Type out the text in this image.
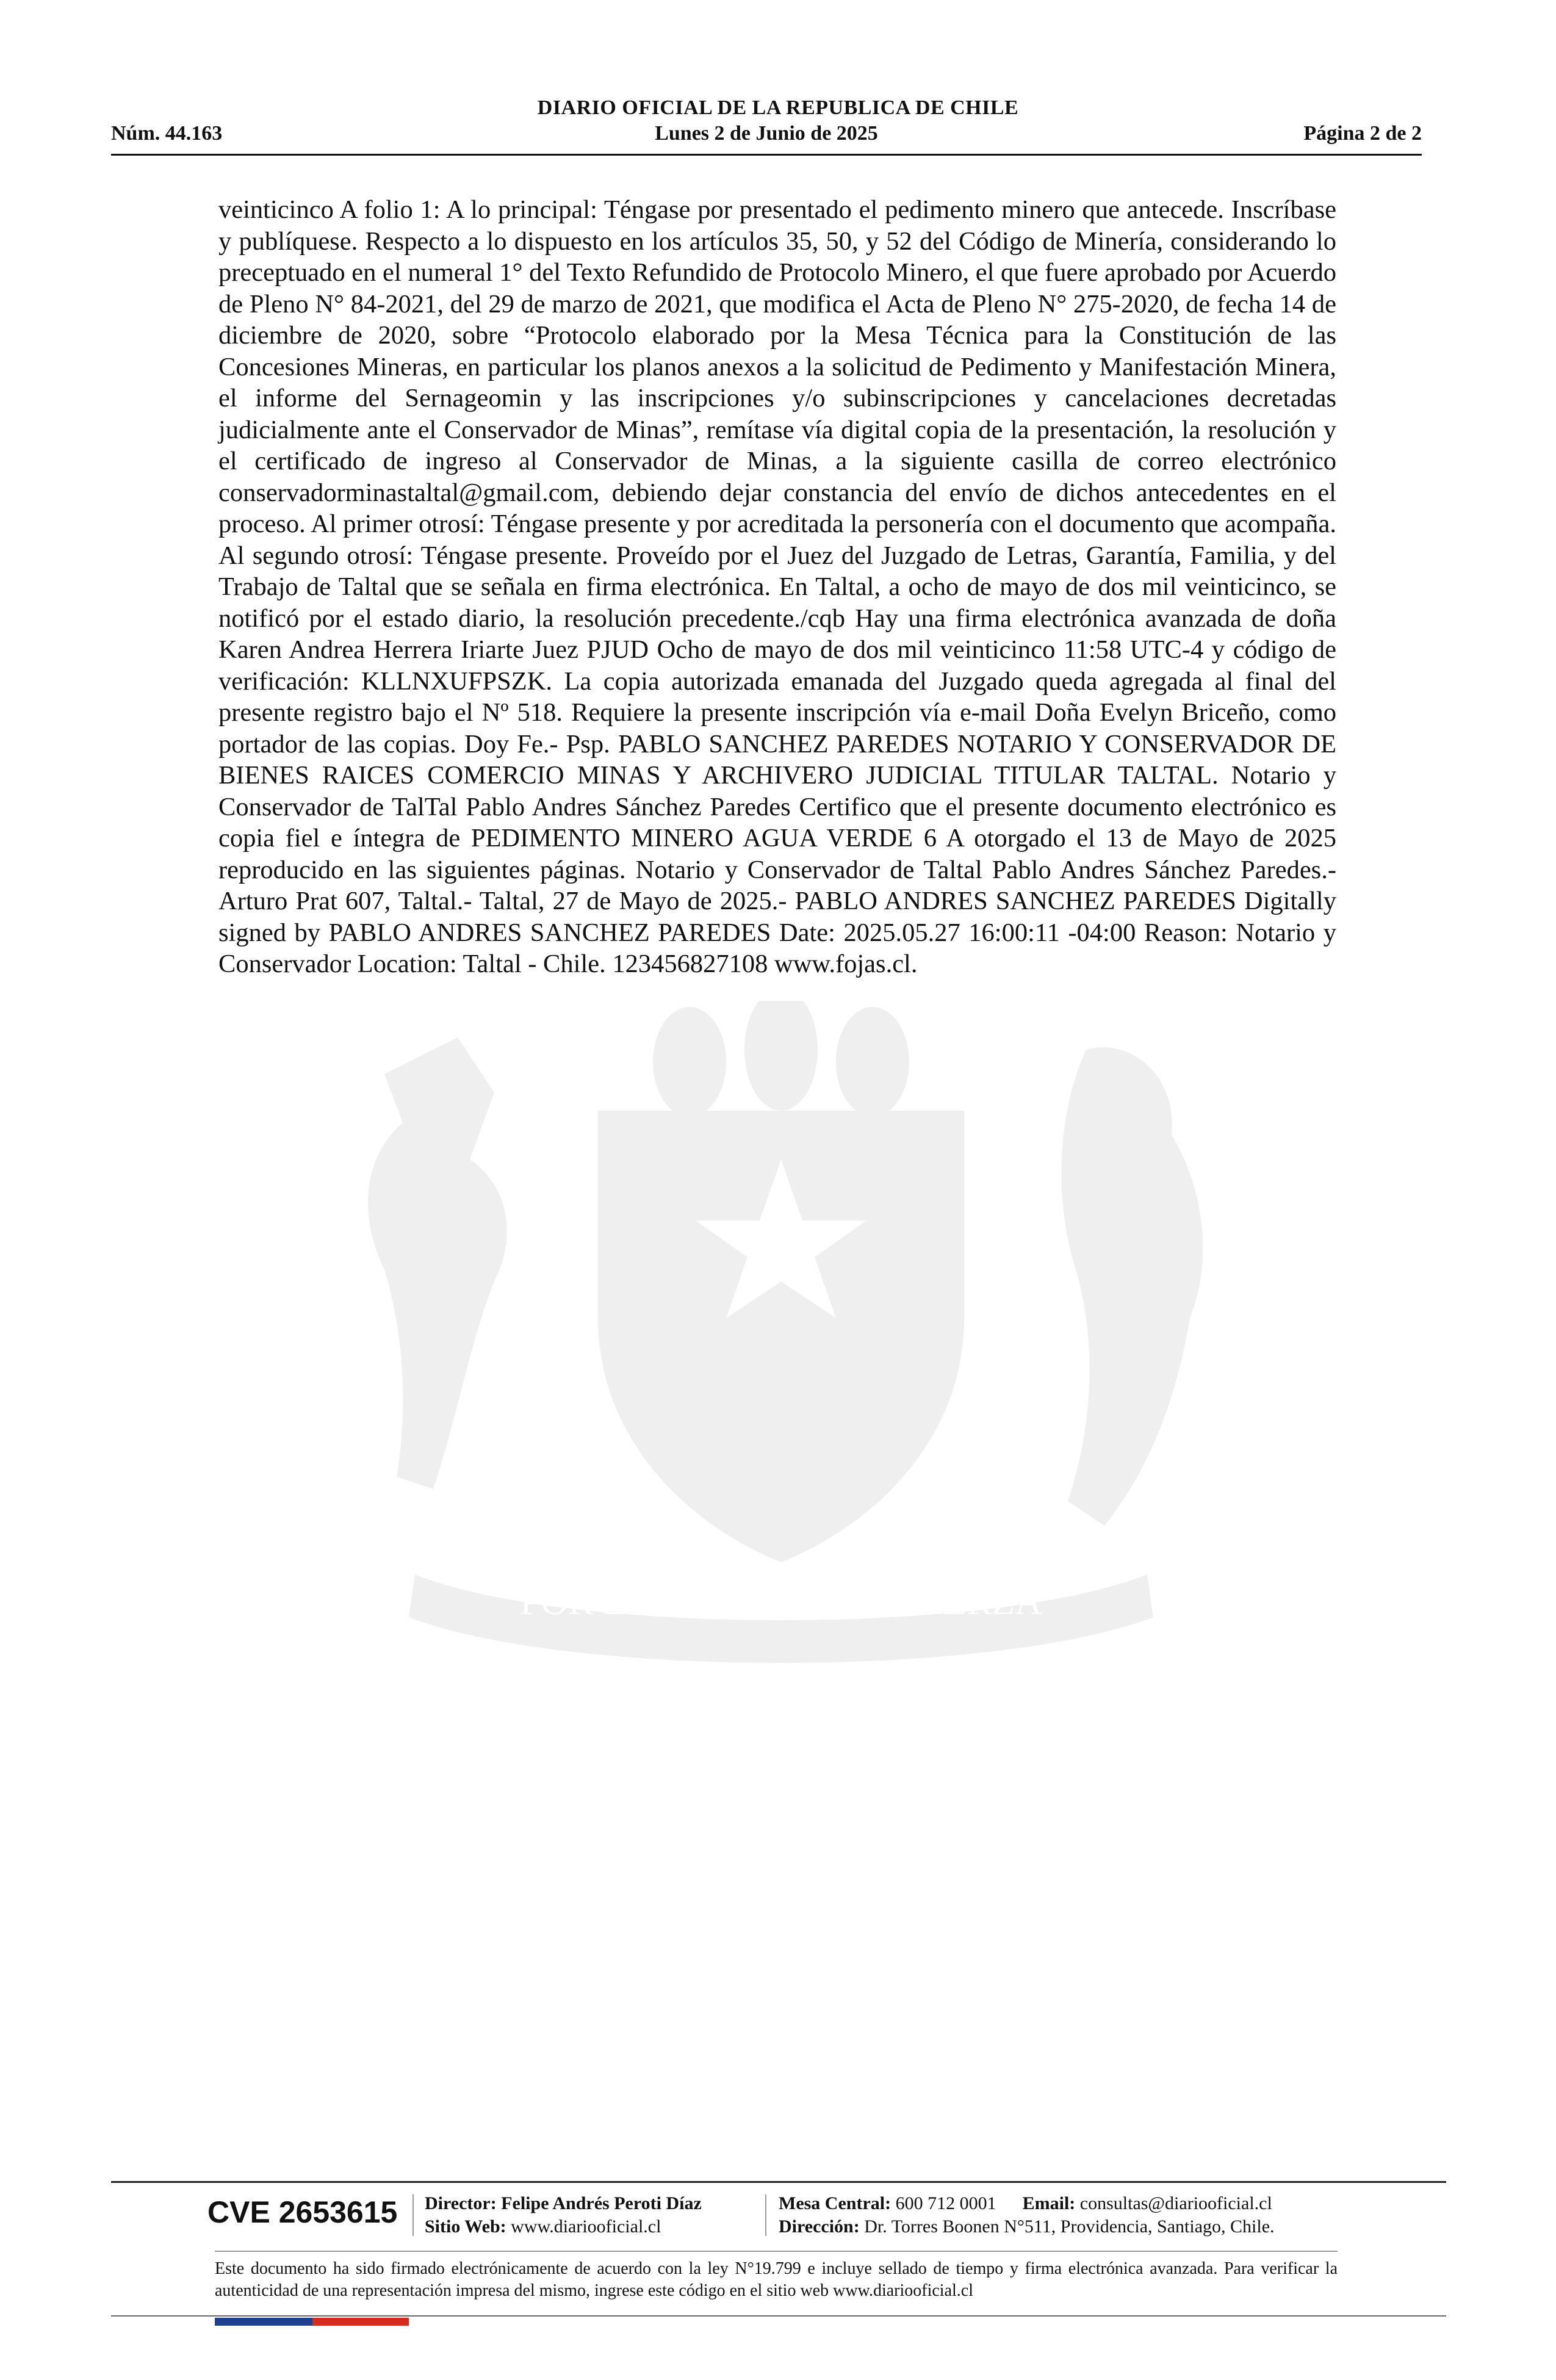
DIARIO OFICIAL DE LA REPUBLICA DE CHILE
Núm. 44.163	Lunes 2 de Junio de 2025	Página 2 de 2
POR LA RAZON O LA FUERZA
veinticinco A folio 1: A lo principal: Téngase por presentado el pedimento minero que antecede. Inscríbase y publíquese. Respecto a lo dispuesto en los artículos 35, 50, y 52 del Código de Minería, considerando lo preceptuado en el numeral 1° del Texto Refundido de Protocolo Minero, el que fuere aprobado por Acuerdo de Pleno N° 84-2021, del 29 de marzo de 2021, que modifica el Acta de Pleno N° 275-2020, de fecha 14 de diciembre de 2020, sobre “Protocolo elaborado por la Mesa Técnica para la Constitución de las Concesiones Mineras, en particular los planos anexos a la solicitud de Pedimento y Manifestación Minera, el informe del Sernageomin y las inscripciones y/o subinscripciones y cancelaciones decretadas judicialmente ante el Conservador de Minas”, remítase vía digital copia de la presentación, la resolución y el certificado de ingreso al Conservador de Minas, a la siguiente casilla de correo electrónico conservadorminastaltal@gmail.com, debiendo dejar constancia del envío de dichos antecedentes en el proceso. Al primer otrosí: Téngase presente y por acreditada la personería con el documento que acompaña. Al segundo otrosí: Téngase presente. Proveído por el Juez del Juzgado de Letras, Garantía, Familia, y del Trabajo de Taltal que se señala en firma electrónica. En Taltal, a ocho de mayo de dos mil veinticinco, se notificó por el estado diario, la resolución precedente./cqb Hay una firma electrónica avanzada de doña Karen Andrea Herrera Iriarte Juez PJUD Ocho de mayo de dos mil veinticinco 11:58 UTC-4 y código de verificación: KLLNXUFPSZK. La copia autorizada emanada del Juzgado queda agregada al final del presente registro bajo el Nº 518. Requiere la presente inscripción vía e-mail Doña Evelyn Briceño, como portador de las copias. Doy Fe.- Psp. PABLO SANCHEZ PAREDES NOTARIO Y CONSERVADOR DE BIENES RAICES COMERCIO MINAS Y ARCHIVERO JUDICIAL TITULAR TALTAL. Notario y Conservador de TalTal Pablo Andres Sánchez Paredes Certifico que el presente documento electrónico es copia fiel e íntegra de PEDIMENTO MINERO AGUA VERDE 6 A otorgado el 13 de Mayo de 2025 reproducido en las siguientes páginas. Notario y Conservador de Taltal Pablo Andres Sánchez Paredes.- Arturo Prat 607, Taltal.- Taltal, 27 de Mayo de 2025.- PABLO ANDRES SANCHEZ PAREDES Digitally signed by PABLO ANDRES SANCHEZ PAREDES Date: 2025.05.27 16:00:11 -04:00 Reason: Notario y Conservador Location: Taltal - Chile. 123456827108 www.fojas.cl.
CVE 2653615 Director: Felipe Andrés Peroti Díaz
Sitio Web: www.diariooficial.cl
Mesa Central: 600 712 0001 Email: consultas@diariooficial.cl
Dirección: Dr. Torres Boonen N°511, Providencia, Santiago, Chile.
Este documento ha sido firmado electrónicamente de acuerdo con la ley N°19.799 e incluye sellado de tiempo y firma electrónica avanzada. Para verificar la autenticidad de una representación impresa del mismo, ingrese este código en el sitio web www.diariooficial.cl
